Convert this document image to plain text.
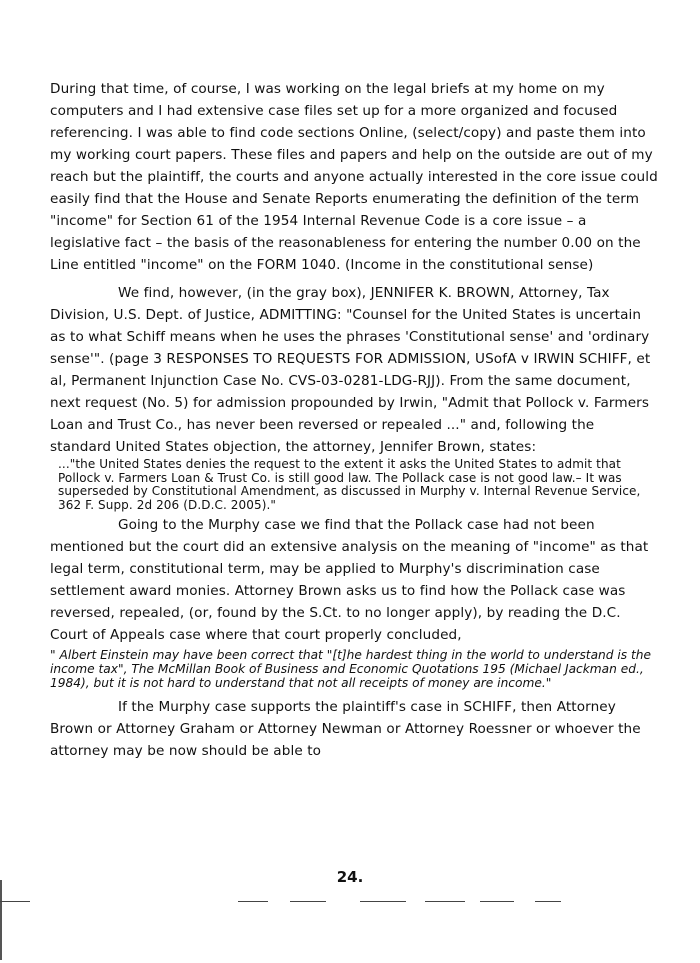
During that time, of course, I was working on the legal briefs at my home on my computers and I had extensive case files set up for a more organized and focused referencing. I was able to find code sections Online, (select/copy) and paste them into my working court papers. These files and papers and help on the outside are out of my reach but the plaintiff, the courts and anyone actually interested in the core issue could easily find that the House and Senate Reports enumerating the definition of the term "income" for Section 61 of the 1954 Internal Revenue Code is a core issue – a legislative fact – the basis of the reasonableness for entering the number 0.00 on the Line entitled "income" on the FORM 1040. (Income in the constitutional sense)

We find, however, (in the gray box), JENNIFER K. BROWN, Attorney, Tax Division, U.S. Dept. of Justice, ADMITTING: "Counsel for the United States is uncertain as to what Schiff means when he uses the phrases 'Constitutional sense' and 'ordinary sense'". (page 3 RESPONSES TO REQUESTS FOR ADMISSION, USofA v IRWIN SCHIFF, et al, Permanent Injunction Case No. CVS-03-0281-LDG-RJJ). From the same document, next request (No. 5) for admission propounded by Irwin, "Admit that Pollock v. Farmers Loan and Trust Co., has never been reversed or repealed ..." and, following the standard United States objection, the attorney, Jennifer Brown, states:

..."the United States denies the request to the extent it asks the United States to admit that Pollock v. Farmers Loan & Trust Co. is still good law. The Pollack case is not good law.– It was superseded by Constitutional Amendment, as discussed in Murphy v. Internal Revenue Service, 362 F. Supp. 2d 206 (D.D.C. 2005)."

Going to the Murphy case we find that the Pollack case had not been mentioned but the court did an extensive analysis on the meaning of "income" as that legal term, constitutional term, may be applied to Murphy's discrimination case settlement award monies. Attorney Brown asks us to find how the Pollack case was reversed, repealed, (or, found by the S.Ct. to no longer apply), by reading the D.C. Court of Appeals case where that court properly concluded,

" Albert Einstein may have been correct that "[t]he hardest thing in the world to understand is the income tax", The McMillan Book of Business and Economic Quotations 195 (Michael Jackman ed., 1984), but it is not hard to understand that not all receipts of money are income."

If the Murphy case supports the plaintiff's case in SCHIFF, then Attorney Brown or Attorney Graham or Attorney Newman or Attorney Roessner or whoever the attorney may be now should be able to

24.
